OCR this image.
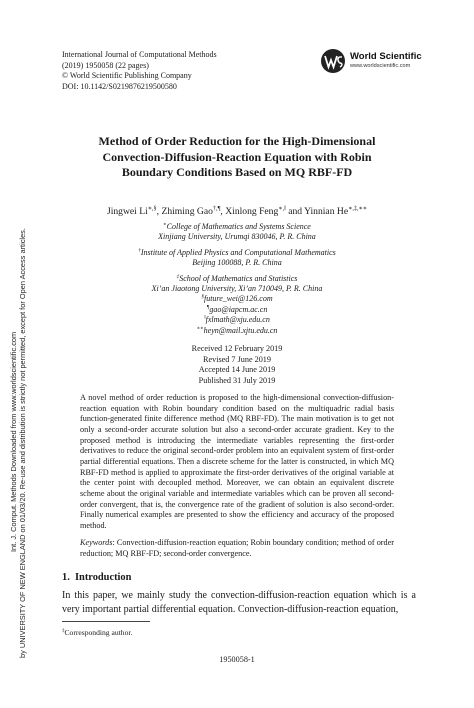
Int. J. Comput. Methods Downloaded from www.worldscientific.com by UNIVERSITY OF NEW ENGLAND on 01/03/20. Re-use and distribution is strictly not permitted, except for Open Access articles.
International Journal of Computational Methods
(2019) 1950058 (22 pages)
© World Scientific Publishing Company
DOI: 10.1142/S0219876219500580
World Scientific
www.worldscientific.com
Method of Order Reduction for the High-Dimensional
Convection-Diffusion-Reaction Equation with Robin
Boundary Conditions Based on MQ RBF-FD
Jingwei Li∗,§, Zhiming Gao†,¶, Xinlong Feng∗,‖ and Yinnian He∗,‡,∗∗
∗College of Mathematics and Systems Science
Xinjiang University, Urumqi 830046, P. R. China
†Institute of Applied Physics and Computational Mathematics
Beijing 100088, P. R. China
‡School of Mathematics and Statistics
Xi’an Jiaotong University, Xi’an 710049, P. R. China
§future_wei@126.com
¶gao@iapcm.ac.cn
‖fxlmath@xju.edu.cn
∗∗heyn@mail.xjtu.edu.cn
Received 12 February 2019
Revised 7 June 2019
Accepted 14 June 2019
Published 31 July 2019
A novel method of order reduction is proposed to the high-dimensional convection-diffusion-reaction equation with Robin boundary condition based on the multiquadric radial basis function-generated finite difference method (MQ RBF-FD). The main motivation is to get not only a second-order accurate solution but also a second-order accurate gradient. Key to the proposed method is introducing the intermediate variables representing the first-order derivatives to reduce the original second-order problem into an equivalent system of first-order partial differential equations. Then a discrete scheme for the latter is constructed, in which MQ RBF-FD method is applied to approximate the first-order derivatives of the original variable at the center point with decoupled method. Moreover, we can obtain an equivalent discrete scheme about the original variable and intermediate variables which can be proven all second-order convergent, that is, the convergence rate of the gradient of solution is also second-order. Finally numerical examples are presented to show the efficiency and accuracy of the proposed method.
Keywords: Convection-diffusion-reaction equation; Robin boundary condition; method of order reduction; MQ RBF-FD; second-order convergence.
1. Introduction
In this paper, we mainly study the convection-diffusion-reaction equation which is a very important partial differential equation. Convection-diffusion-reaction equation,
‡Corresponding author.
1950058-1
